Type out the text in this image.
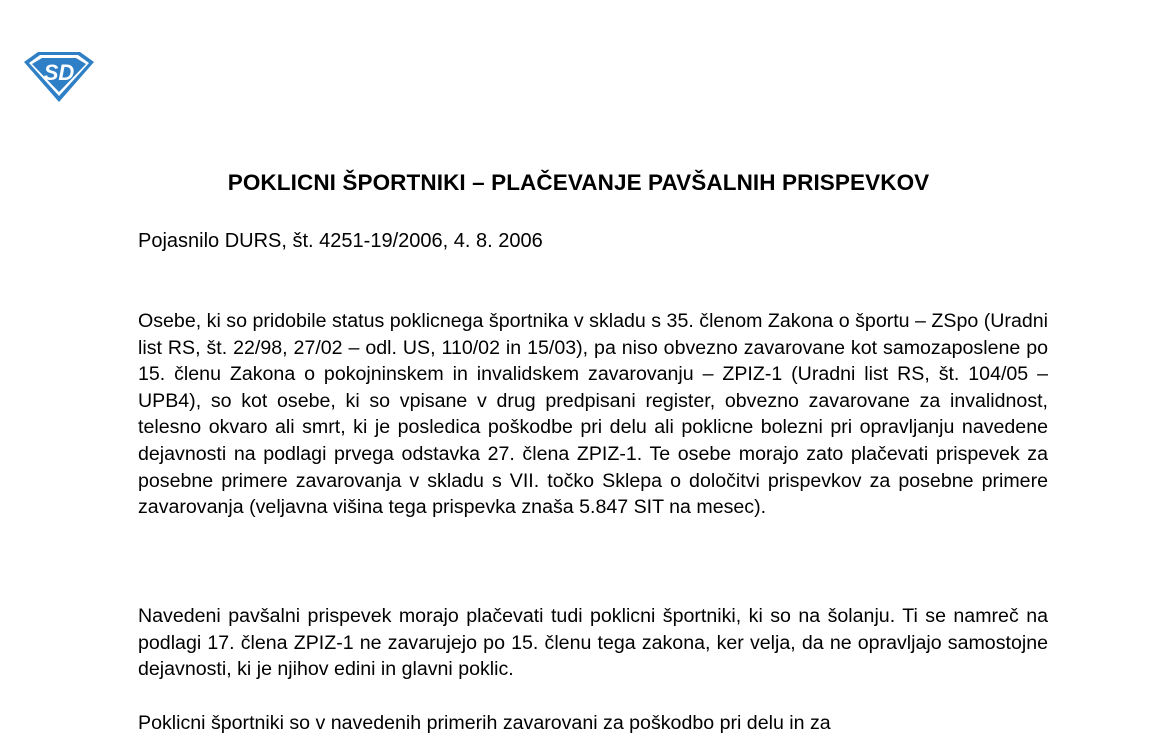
SD
POKLICNI ŠPORTNIKI – PLAČEVANJE PAVŠALNIH PRISPEVKOV

Pojasnilo DURS, št. 4251-19/2006, 4. 8. 2006

Osebe, ki so pridobile status poklicnega športnika v skladu s 35. členom Zakona o športu – ZSpo (Uradni list RS, št. 22/98, 27/02 – odl. US, 110/02 in 15/03), pa niso obvezno zavarovane kot samozaposlene po 15. členu Zakona o pokojninskem in invalidskem zavarovanju – ZPIZ-1 (Uradni list RS, št. 104/05 – UPB4), so kot osebe, ki so vpisane v drug predpisani register, obvezno zavarovane za invalidnost, telesno okvaro ali smrt, ki je posledica poškodbe pri delu ali poklicne bolezni pri opravljanju navedene dejavnosti na podlagi prvega odstavka 27. člena ZPIZ-1. Te osebe morajo zato plačevati prispevek za posebne primere zavarovanja v skladu s VII. točko Sklepa o določitvi prispevkov za posebne primere zavarovanja (veljavna višina tega prispevka znaša 5.847 SIT na mesec).

Navedeni pavšalni prispevek morajo plačevati tudi poklicni športniki, ki so na šolanju. Ti se namreč na podlagi 17. člena ZPIZ-1 ne zavarujejo po 15. členu tega zakona, ker velja, da ne opravljajo samostojne dejavnosti, ki je njihov edini in glavni poklic.

Poklicni športniki so v navedenih primerih zavarovani za poškodbo pri delu in za
